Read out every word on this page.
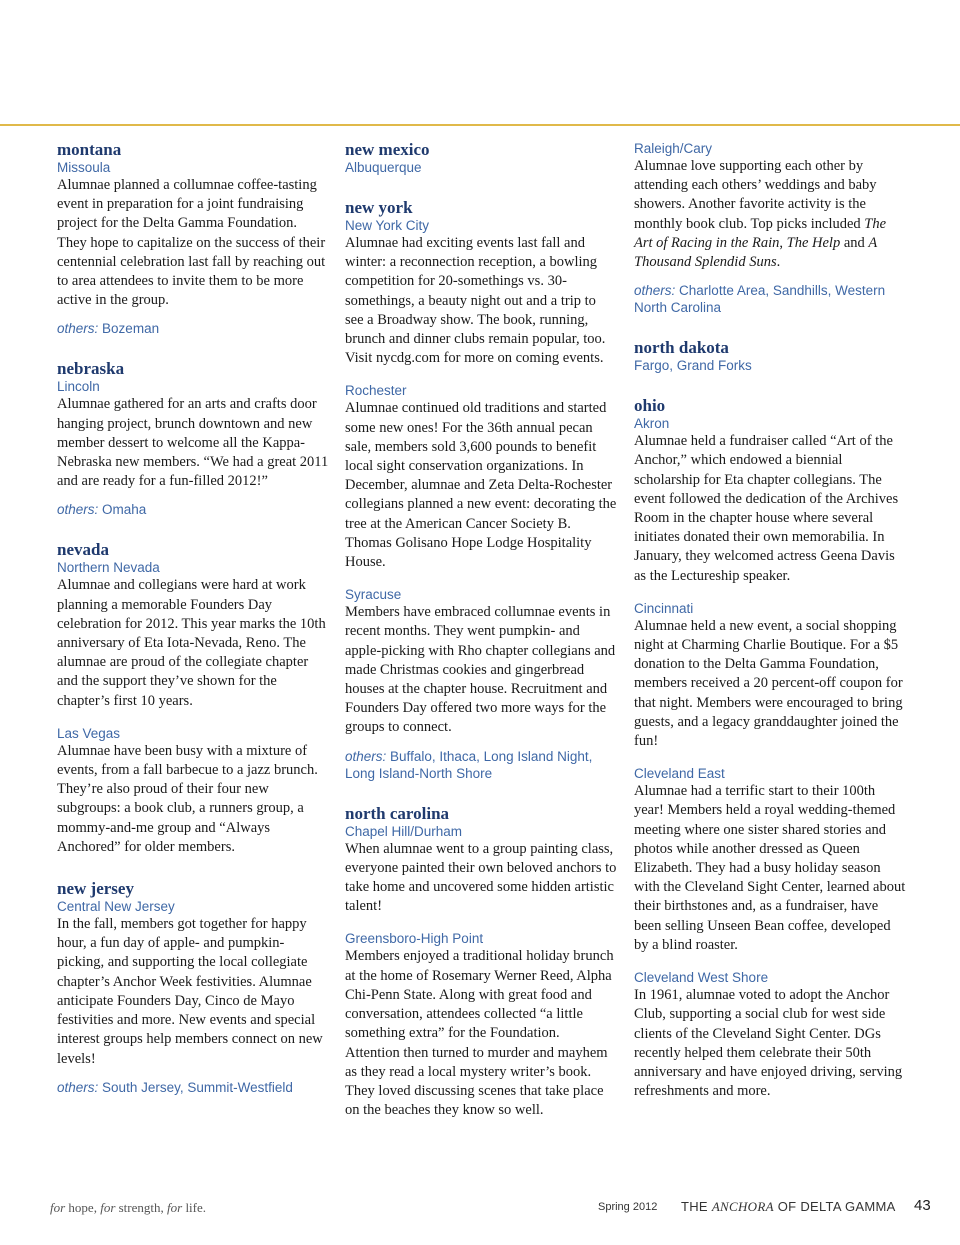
montana

Missoula

Alumnae planned a collumnae coffee-tasting event in preparation for a joint fundraising project for the Delta Gamma Foundation. They hope to capitalize on the success of their centennial celebration last fall by reaching out to area attendees to invite them to be more active in the group.

others: Bozeman

nebraska

Lincoln

Alumnae gathered for an arts and crafts door hanging project, brunch downtown and new member dessert to welcome all the Kappa-Nebraska new members. “We had a great 2011 and are ready for a fun-filled 2012!”

others: Omaha

nevada

Northern Nevada

Alumnae and collegians were hard at work planning a memorable Founders Day celebration for 2012. This year marks the 10th anniversary of Eta Iota-Nevada, Reno. The alumnae are proud of the collegiate chapter and the support they’ve shown for the chapter’s first 10 years.

Las Vegas

Alumnae have been busy with a mixture of events, from a fall barbecue to a jazz brunch. They’re also proud of their four new subgroups: a book club, a runners group, a mommy-and-me group and “Always Anchored” for older members.

new jersey

Central New Jersey

In the fall, members got together for happy hour, a fun day of apple- and pumpkin-picking, and supporting the local collegiate chapter’s Anchor Week festivities. Alumnae anticipate Founders Day, Cinco de Mayo festivities and more. New events and special interest groups help members connect on new levels!

others: South Jersey, Summit-Westfield

new mexico

Albuquerque

new york

New York City

Alumnae had exciting events last fall and winter: a reconnection reception, a bowling competition for 20-somethings vs. 30-somethings, a beauty night out and a trip to see a Broadway show. The book, running, brunch and dinner clubs remain popular, too. Visit nycdg.com for more on coming events.

Rochester

Alumnae continued old traditions and started some new ones! For the 36th annual pecan sale, members sold 3,600 pounds to benefit local sight conservation organizations. In December, alumnae and Zeta Delta-Rochester collegians planned a new event: decorating the tree at the American Cancer Society B. Thomas Golisano Hope Lodge Hospitality House.

Syracuse

Members have embraced collumnae events in recent months. They went pumpkin- and apple-picking with Rho chapter collegians and made Christmas cookies and gingerbread houses at the chapter house. Recruitment and Founders Day offered two more ways for the groups to connect.

others: Buffalo, Ithaca, Long Island Night, Long Island-North Shore

north carolina

Chapel Hill/Durham

When alumnae went to a group painting class, everyone painted their own beloved anchors to take home and uncovered some hidden artistic talent!

Greensboro-High Point

Members enjoyed a traditional holiday brunch at the home of Rosemary Werner Reed, Alpha Chi-Penn State. Along with great food and conversation, attendees collected “a little something extra” for the Foundation. Attention then turned to murder and mayhem as they read a local mystery writer’s book. They loved discussing scenes that take place on the beaches they know so well.

Raleigh/Cary

Alumnae love supporting each other by attending each others’ weddings and baby showers. Another favorite activity is the monthly book club. Top picks included The Art of Racing in the Rain, The Help and A Thousand Splendid Suns.

others: Charlotte Area, Sandhills, Western North Carolina

north dakota

Fargo, Grand Forks

ohio

Akron

Alumnae held a fundraiser called “Art of the Anchor,” which endowed a biennial scholarship for Eta chapter collegians. The event followed the dedication of the Archives Room in the chapter house where several initiates donated their own memorabilia. In January, they welcomed actress Geena Davis as the Lectureship speaker.

Cincinnati

Alumnae held a new event, a social shopping night at Charming Charlie Boutique. For a $5 donation to the Delta Gamma Foundation, members received a 20 percent-off coupon for that night. Members were encouraged to bring guests, and a legacy granddaughter joined the fun!

Cleveland East

Alumnae had a terrific start to their 100th year! Members held a royal wedding-themed meeting where one sister shared stories and photos while another dressed as Queen Elizabeth. They had a busy holiday season with the Cleveland Sight Center, learned about their birthstones and, as a fundraiser, have been selling Unseen Bean coffee, developed by a blind roaster.

Cleveland West Shore

In 1961, alumnae voted to adopt the Anchor Club, supporting a social club for west side clients of the Cleveland Sight Center. DGs recently helped them celebrate their 50th anniversary and have enjoyed driving, serving refreshments and more.

for hope, for strength, for life.	Spring 2012 THE ANCHORA OF DELTA GAMMA 43
